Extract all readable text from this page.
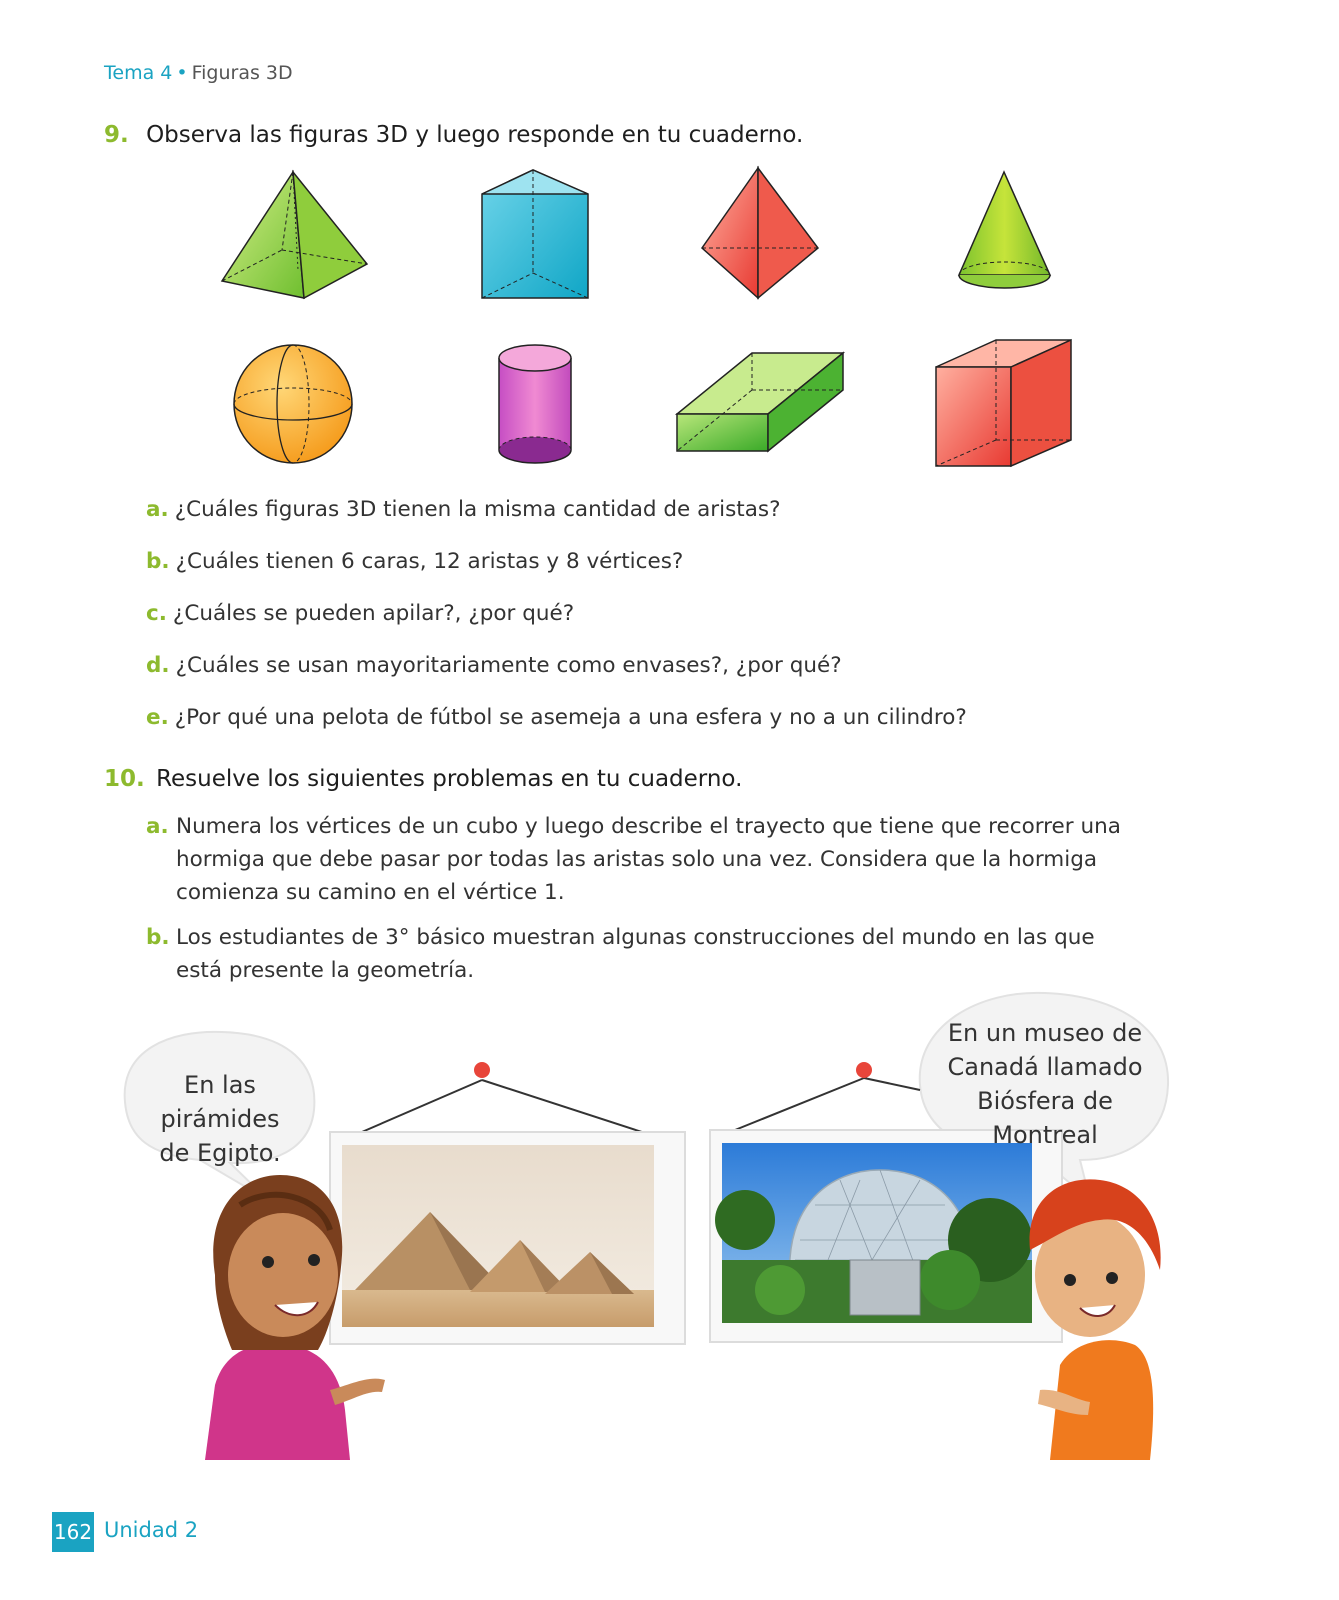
Tema 4 • Figuras 3D
9. Observa las figuras 3D y luego responde en tu cuaderno.
a. ¿Cuáles figuras 3D tienen la misma cantidad de aristas?
b. ¿Cuáles tienen 6 caras, 12 aristas y 8 vértices?
c. ¿Cuáles se pueden apilar?, ¿por qué?
d. ¿Cuáles se usan mayoritariamente como envases?, ¿por qué?
e. ¿Por qué una pelota de fútbol se asemeja a una esfera y no a un cilindro?
10. Resuelve los siguientes problemas en tu cuaderno.
a. Numera los vértices de un cubo y luego describe el trayecto que tiene que recorrer una hormiga que debe pasar por todas las aristas solo una vez. Considera que la hormiga comienza su camino en el vértice 1.
b. Los estudiantes de 3° básico muestran algunas construcciones del mundo en las que está presente la geometría.
En las
pirámides
de Egipto.
En un museo de
Canadá llamado
Biósfera de
Montreal
162 Unidad 2
